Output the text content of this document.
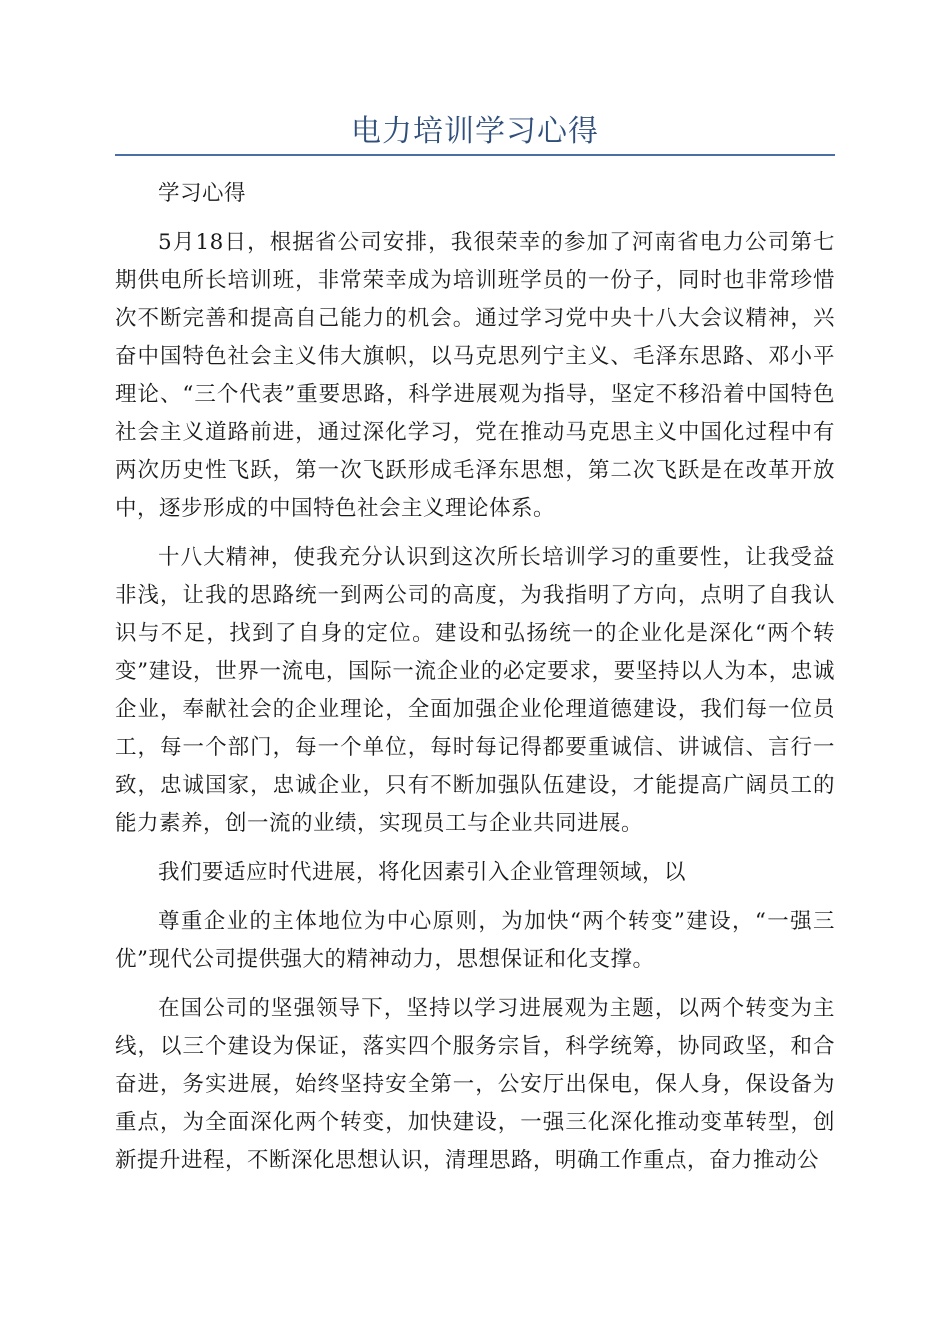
电力培训学习心得

学习心得

5月18日，根据省公司安排，我很荣幸的参加了河南省电力公司第七期供电所长培训班，非常荣幸成为培训班学员的一份子，同时也非常珍惜次不断完善和提高自己能力的机会。通过学习党中央十八大会议精神，兴奋中国特色社会主义伟大旗帜，以马克思列宁主义、毛泽东思路、邓小平理论、“三个代表”重要思路，科学进展观为指导，坚定不移沿着中国特色社会主义道路前进，通过深化学习，党在推动马克思主义中国化过程中有两次历史性飞跃，第一次飞跃形成毛泽东思想，第二次飞跃是在改革开放中，逐步形成的中国特色社会主义理论体系。

十八大精神，使我充分认识到这次所长培训学习的重要性，让我受益非浅，让我的思路统一到两公司的高度，为我指明了方向，点明了自我认识与不足，找到了自身的定位。建设和弘扬统一的企业化是深化“两个转变”建设，世界一流电，国际一流企业的必定要求，要坚持以人为本，忠诚企业，奉献社会的企业理论，全面加强企业伦理道德建设，我们每一位员工，每一个部门，每一个单位，每时每记得都要重诚信、讲诚信、言行一致，忠诚国家，忠诚企业，只有不断加强队伍建设，才能提高广阔员工的能力素养，创一流的业绩，实现员工与企业共同进展。

我们要适应时代进展，将化因素引入企业管理领域，以

尊重企业的主体地位为中心原则，为加快“两个转变”建设，“一强三优”现代公司提供强大的精神动力，思想保证和化支撑。

在国公司的坚强领导下，坚持以学习进展观为主题，以两个转变为主线，以三个建设为保证，落实四个服务宗旨，科学统筹，协同政坚，和合奋进，务实进展，始终坚持安全第一，公安厅出保电，保人身，保设备为重点，为全面深化两个转变，加快建设，一强三化深化推动变革转型，创新提升进程，不断深化思想认识，清理思路，明确工作重点，奋力推动公
